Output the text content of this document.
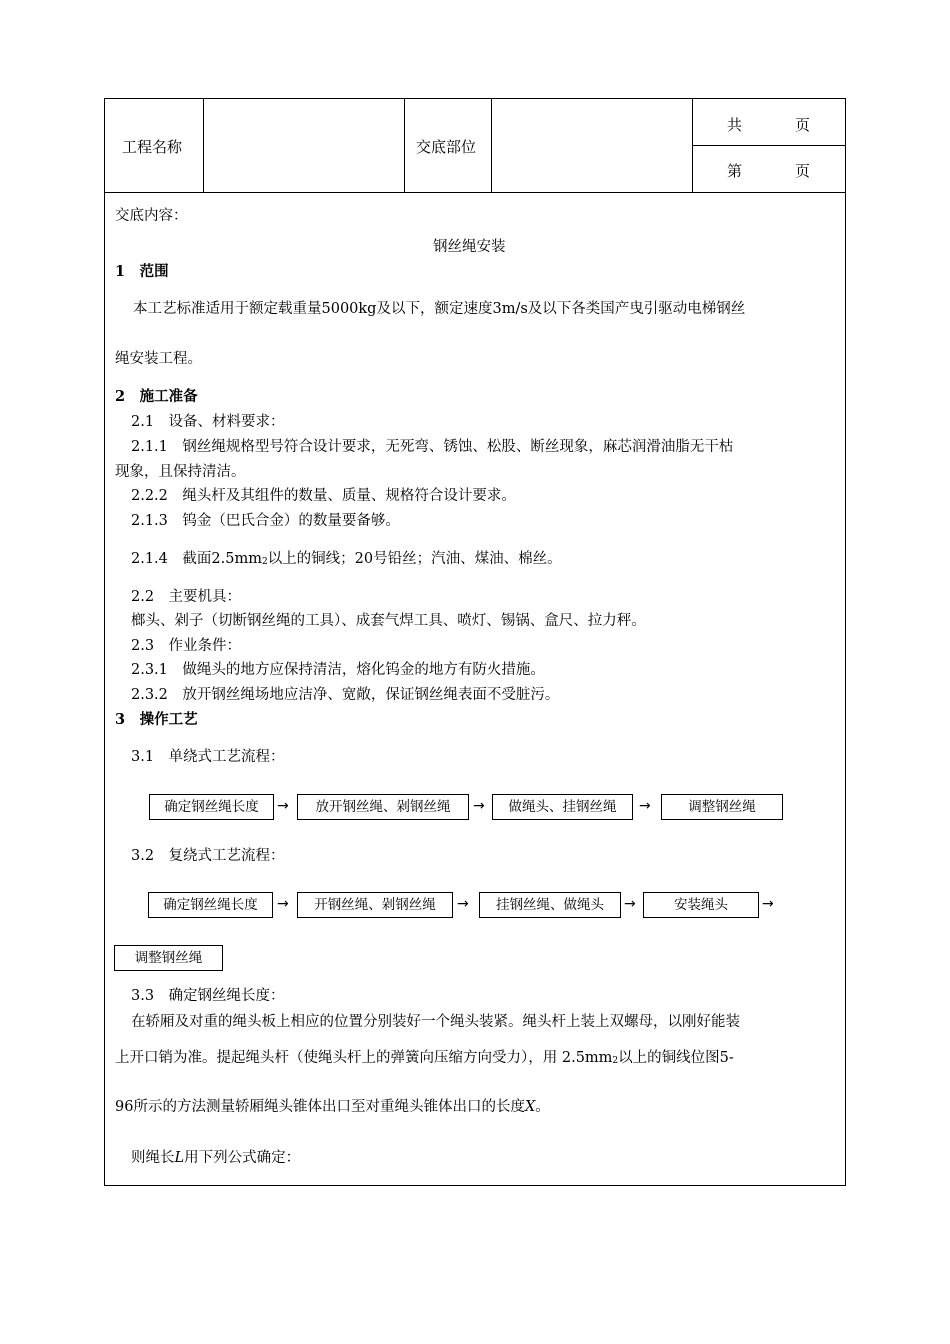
工程名称	交底部位
共	页
第	页
交底内容：
钢丝绳安装
1　范围
本工艺标准适用于额定载重量5000kg及以下，额定速度3m/s及以下各类国产曳引驱动电梯钢丝
绳安装工程。
2　施工准备
2.1　设备、材料要求：
2.1.1　钢丝绳规格型号符合设计要求，无死弯、锈蚀、松股、断丝现象，麻芯润滑油脂无干枯
现象，且保持清洁。
2.2.2　绳头杆及其组件的数量、质量、规格符合设计要求。
2.1.3　钨金（巴氏合金）的数量要备够。
2.1.4　截面$2.5mm_2$以上的铜线；20号铅丝；汽油、煤油、棉丝。
2.2　主要机具：
榔头、剁子（切断钢丝绳的工具）、成套气焊工具、喷灯、锡锅、盒尺、拉力秤。
2.3　作业条件：
2.3.1　做绳头的地方应保持清洁，熔化钨金的地方有防火措施。
2.3.2　放开钢丝绳场地应洁净、宽敞，保证钢丝绳表面不受脏污。
3　操作工艺
3.1　单绕式工艺流程：
确定钢丝绳长度	→	放开钢丝绳、剁钢丝绳	→	做绳头、挂钢丝绳	→	调整钢丝绳
3.2　复绕式工艺流程：
确定钢丝绳长度	→	开钢丝绳、剁钢丝绳	→	挂钢丝绳、做绳头	→	安装绳头	→
调整钢丝绳
3.3　确定钢丝绳长度：
在轿厢及对重的绳头板上相应的位置分别装好一个绳头装紧。绳头杆上装上双螺母，以刚好能装
上开口销为准。提起绳头杆（使绳头杆上的弹簧向压缩方向受力），用 $2.5mm_2$以上的铜线位图5-
96所示的方法测量轿厢绳头锥体出口至对重绳头锥体出口的长度X。
则绳长L用下列公式确定：
